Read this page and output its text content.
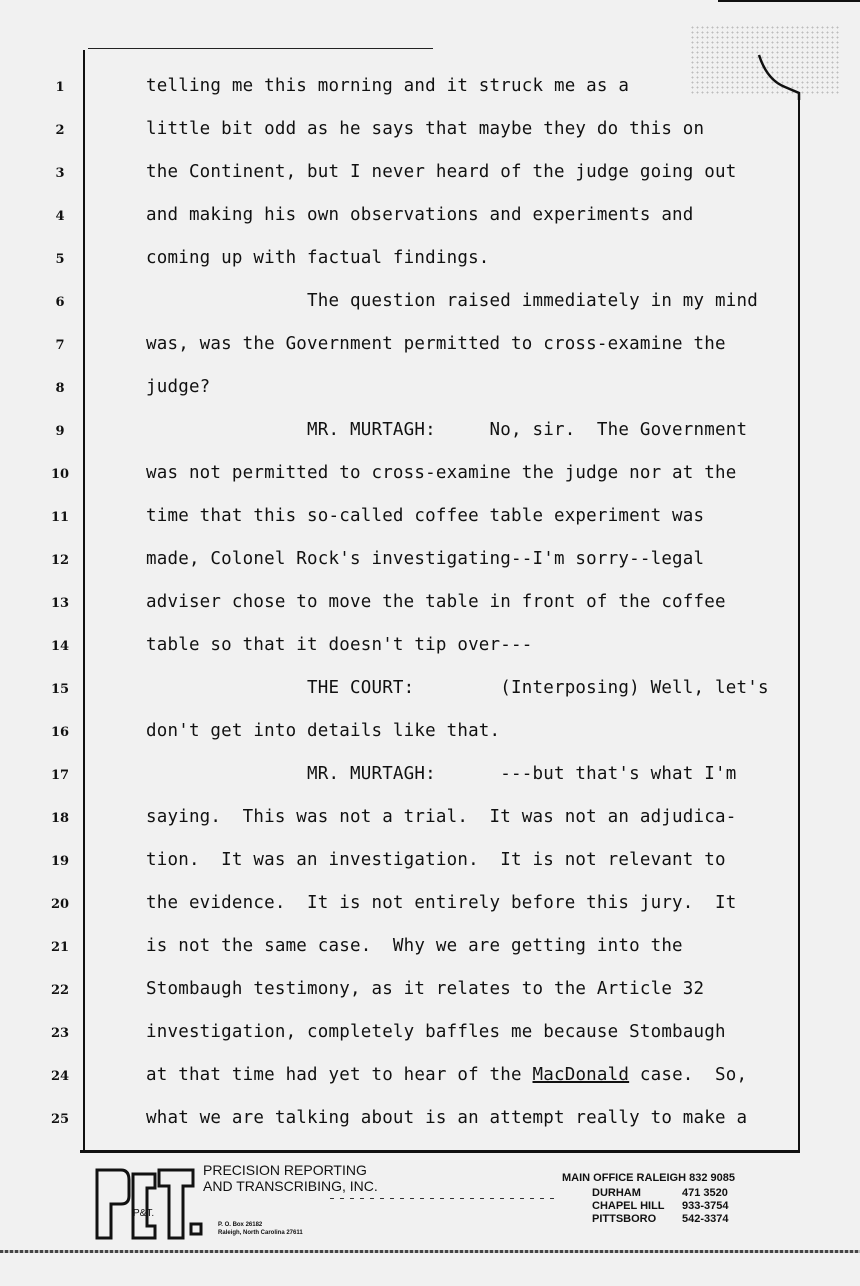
1
2
3
4
5
6
7
8
9
10
11
12
13
14
15
16
17
18
19
20
21
22
23
24
25
telling me this morning and it struck me as a
little bit odd as he says that maybe they do this on
the Continent, but I never heard of the judge going out
and making his own observations and experiments and
coming up with factual findings.
The question raised immediately in my mind
was, was the Government permitted to cross-examine the
judge?
MR. MURTAGH:     No, sir.  The Government
was not permitted to cross-examine the judge nor at the
time that this so-called coffee table experiment was
made, Colonel Rock's investigating--I'm sorry--legal
adviser chose to move the table in front of the coffee
table so that it doesn't tip over---
THE COURT:        (Interposing) Well, let's
don't get into details like that.
MR. MURTAGH:      ---but that's what I'm
saying.  This was not a trial.  It was not an adjudica-
tion.  It was an investigation.  It is not relevant to
the evidence.  It is not entirely before this jury.  It
is not the same case.  Why we are getting into the
Stombaugh testimony, as it relates to the Article 32
investigation, completely baffles me because Stombaugh
at that time had yet to hear of the MacDonald case.  So,
what we are talking about is an attempt really to make a
P&T.
PRECISION REPORTING
AND TRANSCRIBING, INC.
P. O. Box 26182
Raleigh, North Carolina 27611
MAIN OFFICE RALEIGH 832 9085
DURHAM	471 3520
CHAPEL HILL	933-3754
PITTSBORO	542-3374
